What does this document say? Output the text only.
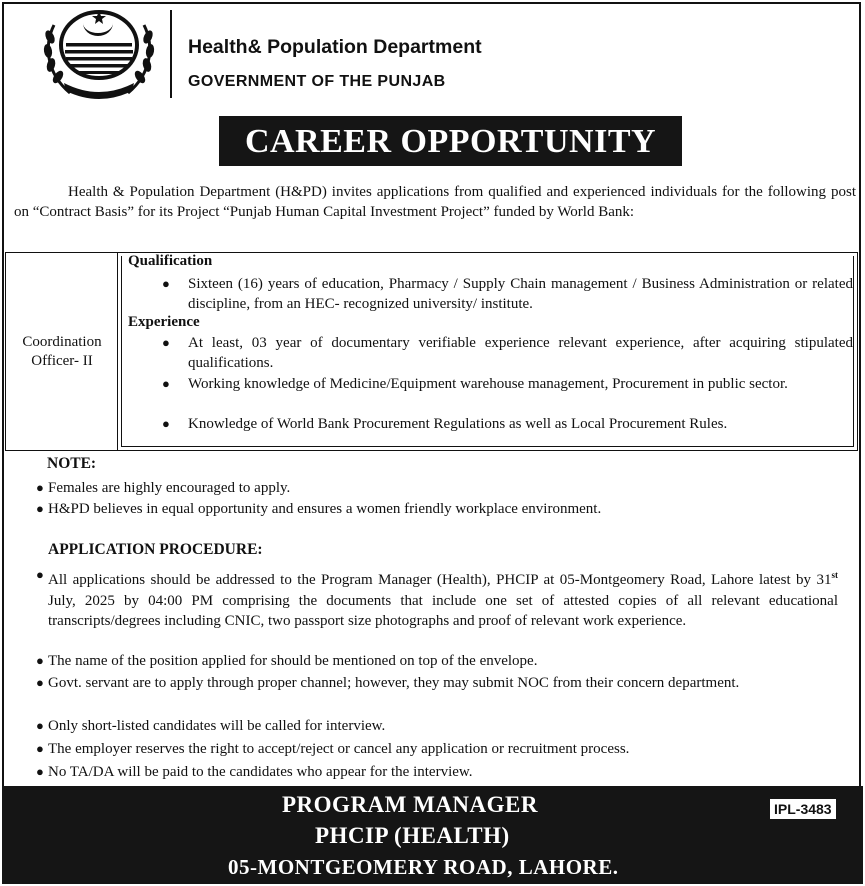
Health& Population Department
GOVERNMENT OF THE PUNJAB
CAREER OPPORTUNITY
Health & Population Department (H&PD) invites applications from qualified and experienced individuals for the following post on “Contract Basis” for its Project “Punjab Human Capital Investment Project” funded by World Bank:
Coordination
Officer- II
Qualification
● Sixteen (16) years of education, Pharmacy / Supply Chain management / Business Administration or related discipline, from an HEC- recognized university/ institute.
Experience
● At least, 03 year of documentary verifiable experience relevant experience, after acquiring stipulated qualifications.
● Working knowledge of Medicine/Equipment warehouse management, Procurement in public sector.
● Knowledge of World Bank Procurement Regulations as well as Local Procurement Rules.
NOTE:
● Females are highly encouraged to apply.
● H&PD believes in equal opportunity and ensures a women friendly workplace environment.
APPLICATION PROCEDURE:
● All applications should be addressed to the Program Manager (Health), PHCIP at 05-Montgeomery Road, Lahore latest by 31st July, 2025 by 04:00 PM comprising the documents that include one set of attested copies of all relevant educational transcripts/degrees including CNIC, two passport size photographs and proof of relevant work experience.
● The name of the position applied for should be mentioned on top of the envelope.
● Govt. servant are to apply through proper channel; however, they may submit NOC from their concern department.
● Only short-listed candidates will be called for interview.
● The employer reserves the right to accept/reject or cancel any application or recruitment process.
● No TA/DA will be paid to the candidates who appear for the interview.
PROGRAM MANAGER
PHCIP (HEALTH)
05-MONTGEOMERY ROAD, LAHORE.
IPL-3483
